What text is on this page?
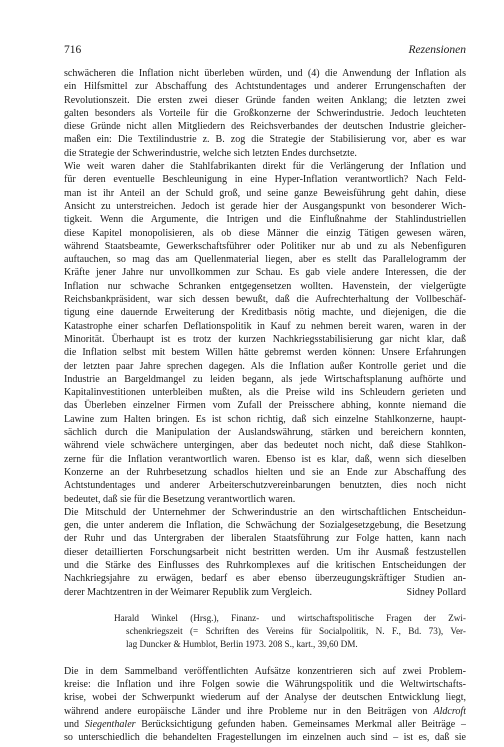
716	Rezensionen
schwächeren die Inflation nicht überleben würden, und (4) die Anwendung der Inflation als
ein Hilfsmittel zur Abschaffung des Achtstundentages und anderer Errungenschaften der
Revolutionszeit. Die ersten zwei dieser Gründe fanden weiten Anklang; die letzten zwei
galten besonders als Vorteile für die Großkonzerne der Schwerindustrie. Jedoch leuchteten
diese Gründe nicht allen Mitgliedern des Reichsverbandes der deutschen Industrie gleicher-
maßen ein: Die Textilindustrie z. B. zog die Strategie der Stabilisierung vor, aber es war
die Strategie der Schwerindustrie, welche sich letzten Endes durchsetzte.
Wie weit waren daher die Stahlfabrikanten direkt für die Verlängerung der Inflation und
für deren eventuelle Beschleunigung in eine Hyper-Inflation verantwortlich? Nach Feld-
man ist ihr Anteil an der Schuld groß, und seine ganze Beweisführung geht dahin, diese
Ansicht zu unterstreichen. Jedoch ist gerade hier der Ausgangspunkt von besonderer Wich-
tigkeit. Wenn die Argumente, die Intrigen und die Einflußnahme der Stahlindustriellen
diese Kapitel monopolisieren, als ob diese Männer die einzig Tätigen gewesen wären,
während Staatsbeamte, Gewerkschaftsführer oder Politiker nur ab und zu als Nebenfiguren
auftauchen, so mag das am Quellenmaterial liegen, aber es stellt das Parallelogramm der
Kräfte jener Jahre nur unvollkommen zur Schau. Es gab viele andere Interessen, die der
Inflation nur schwache Schranken entgegensetzen wollten. Havenstein, der vielgerügte
Reichsbankpräsident, war sich dessen bewußt, daß die Aufrechterhaltung der Vollbeschäf-
tigung eine dauernde Erweiterung der Kreditbasis nötig machte, und diejenigen, die die
Katastrophe einer scharfen Deflationspolitik in Kauf zu nehmen bereit waren, waren in der
Minorität. Überhaupt ist es trotz der kurzen Nachkriegsstabilisierung gar nicht klar, daß
die Inflation selbst mit bestem Willen hätte gebremst werden können: Unsere Erfahrungen
der letzten paar Jahre sprechen dagegen. Als die Inflation außer Kontrolle geriet und die
Industrie an Bargeldmangel zu leiden begann, als jede Wirtschaftsplanung aufhörte und
Kapitalinvestitionen unterbleiben mußten, als die Preise wild ins Schleudern gerieten und
das Überleben einzelner Firmen vom Zufall der Preisschere abhing, konnte niemand die
Lawine zum Halten bringen. Es ist schon richtig, daß sich einzelne Stahlkonzerne, haupt-
sächlich durch die Manipulation der Auslandswährung, stärken und bereichern konnten,
während viele schwächere untergingen, aber das bedeutet noch nicht, daß diese Stahlkon-
zerne für die Inflation verantwortlich waren. Ebenso ist es klar, daß, wenn sich dieselben
Konzerne an der Ruhrbesetzung schadlos hielten und sie an Ende zur Abschaffung des
Achtstundentages und anderer Arbeiterschutzvereinbarungen benutzten, dies noch nicht
bedeutet, daß sie für die Besetzung verantwortlich waren.
Die Mitschuld der Unternehmer der Schwerindustrie an den wirtschaftlichen Entscheidun-
gen, die unter anderem die Inflation, die Schwächung der Sozialgesetzgebung, die Besetzung
der Ruhr und das Untergraben der liberalen Staatsführung zur Folge hatten, kann nach
dieser detaillierten Forschungsarbeit nicht bestritten werden. Um ihr Ausmaß festzustellen
und die Stärke des Einflusses des Ruhrkomplexes auf die kritischen Entscheidungen der
Nachkriegsjahre zu erwägen, bedarf es aber ebenso überzeugungskräftiger Studien an-
derer Machtzentren in der Weimarer Republik zum Vergleich.	Sidney Pollard
Harald Winkel (Hrsg.), Finanz- und wirtschaftspolitische Fragen der Zwi-
schenkriegszeit (= Schriften des Vereins für Socialpolitik, N. F., Bd. 73), Ver-
lag Duncker & Humblot, Berlin 1973. 208 S., kart., 39,60 DM.
Die in dem Sammelband veröffentlichten Aufsätze konzentrieren sich auf zwei Problem-
kreise: die Inflation und ihre Folgen sowie die Währungspolitik und die Weltwirtschafts-
krise, wobei der Schwerpunkt wiederum auf der Analyse der deutschen Entwicklung liegt,
während andere europäische Länder und ihre Probleme nur in den Beiträgen von Aldcroft
und Siegenthaler Berücksichtigung gefunden haben. Gemeinsames Merkmal aller Beiträge –
so unterschiedlich die behandelten Fragestellungen im einzelnen auch sind – ist es, daß sie
